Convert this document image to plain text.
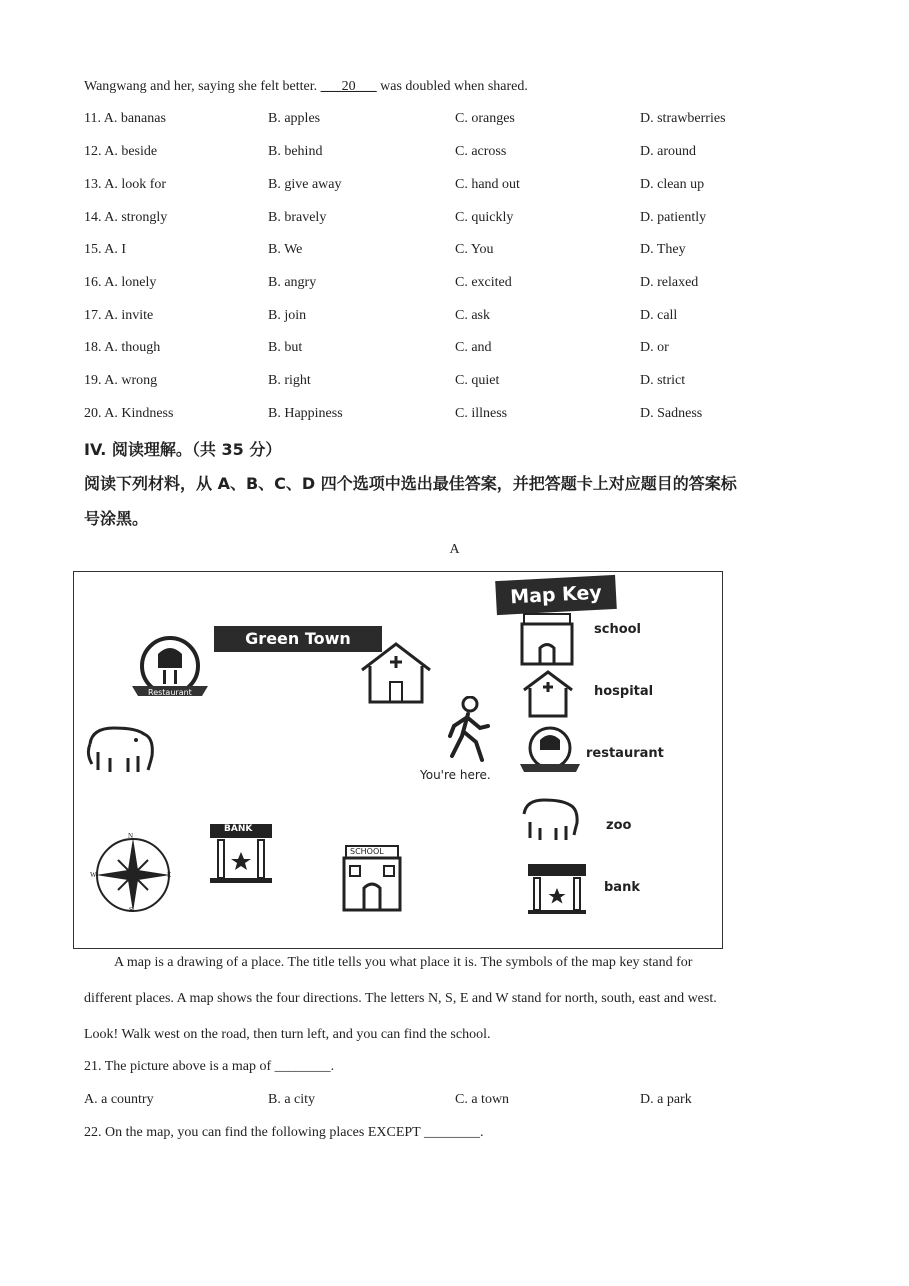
Wangwang and her, saying she felt better. ___20___ was doubled when shared.
11. A. bananas	B. apples	C. oranges	D. strawberries
12. A. beside	B. behind	C. across	D. around
13. A. look for	B. give away	C. hand out	D. clean up
14. A. strongly	B. bravely	C. quickly	D. patiently
15. A. I	B. We	C. You	D. They
16. A. lonely	B. angry	C. excited	D. relaxed
17. A. invite	B. join	C. ask	D. call
18. A. though	B. but	C. and	D. or
19. A. wrong	B. right	C. quiet	D. strict
20. A. Kindness	B. Happiness	C. illness	D. Sadness
IV. 阅读理解。（共 35 分）
阅读下列材料，从 A、B、C、D 四个选项中选出最佳答案，并把答题卡上对应题目的答案标
号涂黑。
A
Green Town
Map Key
Restaurant
You're here.
N
S
E
W
BANK
SCHOOL
school
hospital
restaurant
zoo
bank

A map is a drawing of a place. The title tells you what place it is. The symbols of the map key stand for

different places. A map shows the four directions. The letters N, S, E and W stand for north, south, east and west.

Look! Walk west on the road, then turn left, and you can find the school.

21. The picture above is a map of ________.
A. a country	B. a city	C. a town	D. a park
22. On the map, you can find the following places EXCEPT ________.
